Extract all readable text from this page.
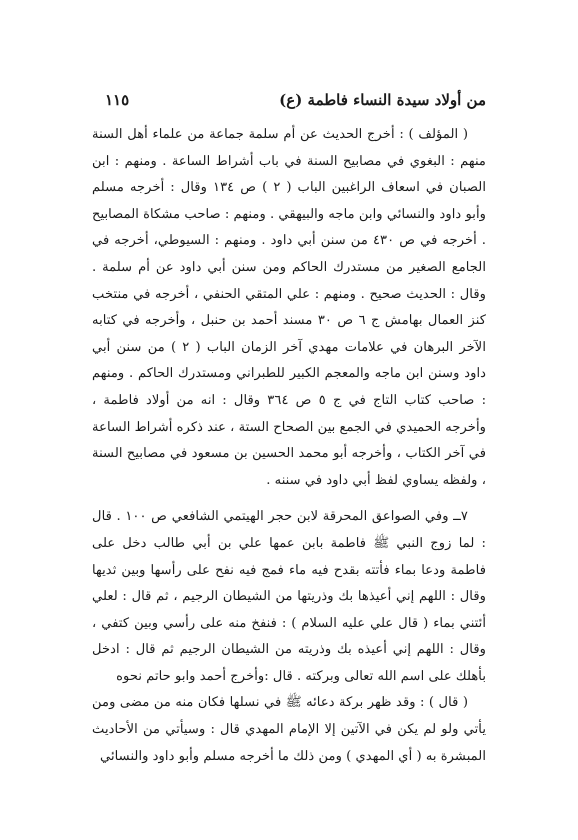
من أولاد سيدة النساء فاطمة (ع)
١١٥

( المؤلف ) : أخرج الحديث عن أم سلمة جماعة من علماء أهل السنة منهم : البغوي في مصابيح السنة في باب أشراط الساعة . ومنهم : ابن الصبان في اسعاف الراغبين الباب ( ٢ ) ص ١٣٤ وقال : أخرجه مسلم وأبو داود والنسائي وابن ماجه والبيهقي . ومنهم : صاحب مشكاة المصابيح . أخرجه في ص ٤٣٠ من سنن أبي داود . ومنهم : السيوطي، أخرجه في الجامع الصغير من مستدرك الحاكم ومن سنن أبي داود عن أم سلمة . وقال : الحديث صحيح . ومنهم : علي المتقي الحنفي ، أخرجه في منتخب كنز العمال بهامش ج ٦ ص ٣٠ مسند أحمد بن حنبل ، وأخرجه في كتابه الآخر البرهان في علامات مهدي آخر الزمان الباب ( ٢ ) من سنن أبي داود وسنن ابن ماجه والمعجم الكبير للطبراني ومستدرك الحاكم . ومنهم : صاحب كتاب التاج في ج ٥ ص ٣٦٤ وقال : انه من أولاد فاطمة ، وأخرجه الحميدي في الجمع بين الصحاح الستة ، عند ذكره أشراط الساعة في آخر الكتاب ، وأخرجه أبو محمد الحسين بن مسعود في مصابيح السنة ، ولفظه يساوي لفظ أبي داود في سننه .

٧ــ وفي الصواعق المحرقة لابن حجر الهيتمي الشافعي ص ١٠٠ . قال : لما زوج النبي ﷺ فاطمة بابن عمها علي بن أبي طالب دخل على فاطمة ودعا بماء فأتته بقدح فيه ماء فمج فيه نفح على رأسها وبين ثديها وقال : اللهم إني أعيذها بك وذريتها من الشيطان الرجيم ، ثم قال : لعلي أئتني بماء ( قال علي عليه السلام ) : فنفخ منه على رأسي وبين كتفي ، وقال : اللهم إني أعيذه بك وذريته من الشيطان الرجيم ثم قال : ادخل بأهلك على اسم الله تعالى وبركته . قال :وأخرج أحمد وابو حاتم نحوه

( قال ) : وقد ظهر بركة دعائه ﷺ في نسلها فكان منه من مضى ومن يأتي ولو لم يكن في الآتين إلا الإمام المهدي قال : وسيأتي من الأحاديث المبشرة به ( أي المهدي ) ومن ذلك ما أخرجه مسلم وأبو داود والنسائي
